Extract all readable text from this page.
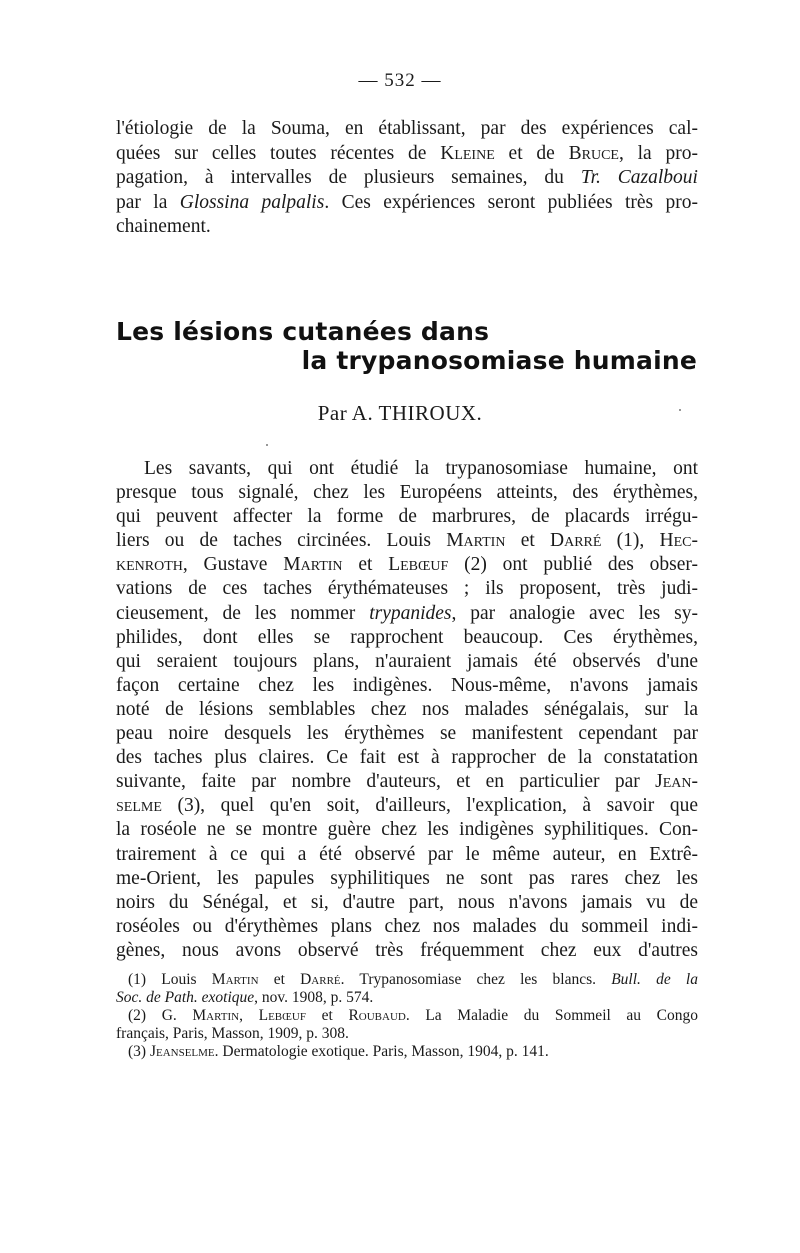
— 532 —
l'étiologie de la Souma, en établissant, par des expériences cal-
quées sur celles toutes récentes de Kleine et de Bruce, la pro-
pagation, à intervalles de plusieurs semaines, du Tr. Cazalboui
par la Glossina palpalis. Ces expériences seront publiées très pro-
chainement.
Les lésions cutanées dans
la trypanosomiase humaine
Par A. THIROUX.
Les savants, qui ont étudié la trypanosomiase humaine, ont
presque tous signalé, chez les Européens atteints, des érythèmes,
qui peuvent affecter la forme de marbrures, de placards irrégu-
liers ou de taches circinées. Louis Martin et Darré (1), Hec-
kenroth, Gustave Martin et Lebœuf (2) ont publié des obser-
vations de ces taches érythémateuses ; ils proposent, très judi-
cieusement, de les nommer trypanides, par analogie avec les sy-
philides, dont elles se rapprochent beaucoup. Ces érythèmes,
qui seraient toujours plans, n'auraient jamais été observés d'une
façon certaine chez les indigènes. Nous-même, n'avons jamais
noté de lésions semblables chez nos malades sénégalais, sur la
peau noire desquels les érythèmes se manifestent cependant par
des taches plus claires. Ce fait est à rapprocher de la constatation
suivante, faite par nombre d'auteurs, et en particulier par Jean-
selme (3), quel qu'en soit, d'ailleurs, l'explication, à savoir que
la roséole ne se montre guère chez les indigènes syphilitiques. Con-
trairement à ce qui a été observé par le même auteur, en Extrê-
me-Orient, les papules syphilitiques ne sont pas rares chez les
noirs du Sénégal, et si, d'autre part, nous n'avons jamais vu de
roséoles ou d'érythèmes plans chez nos malades du sommeil indi-
gènes, nous avons observé très fréquemment chez eux d'autres
(1) Louis Martin et Darré. Trypanosomiase chez les blancs. Bull. de la
Soc. de Path. exotique, nov. 1908, p. 574.
(2) G. Martin, Lebœuf et Roubaud. La Maladie du Sommeil au Congo
français, Paris, Masson, 1909, p. 308.
(3) Jeanselme. Dermatologie exotique. Paris, Masson, 1904, p. 141.
